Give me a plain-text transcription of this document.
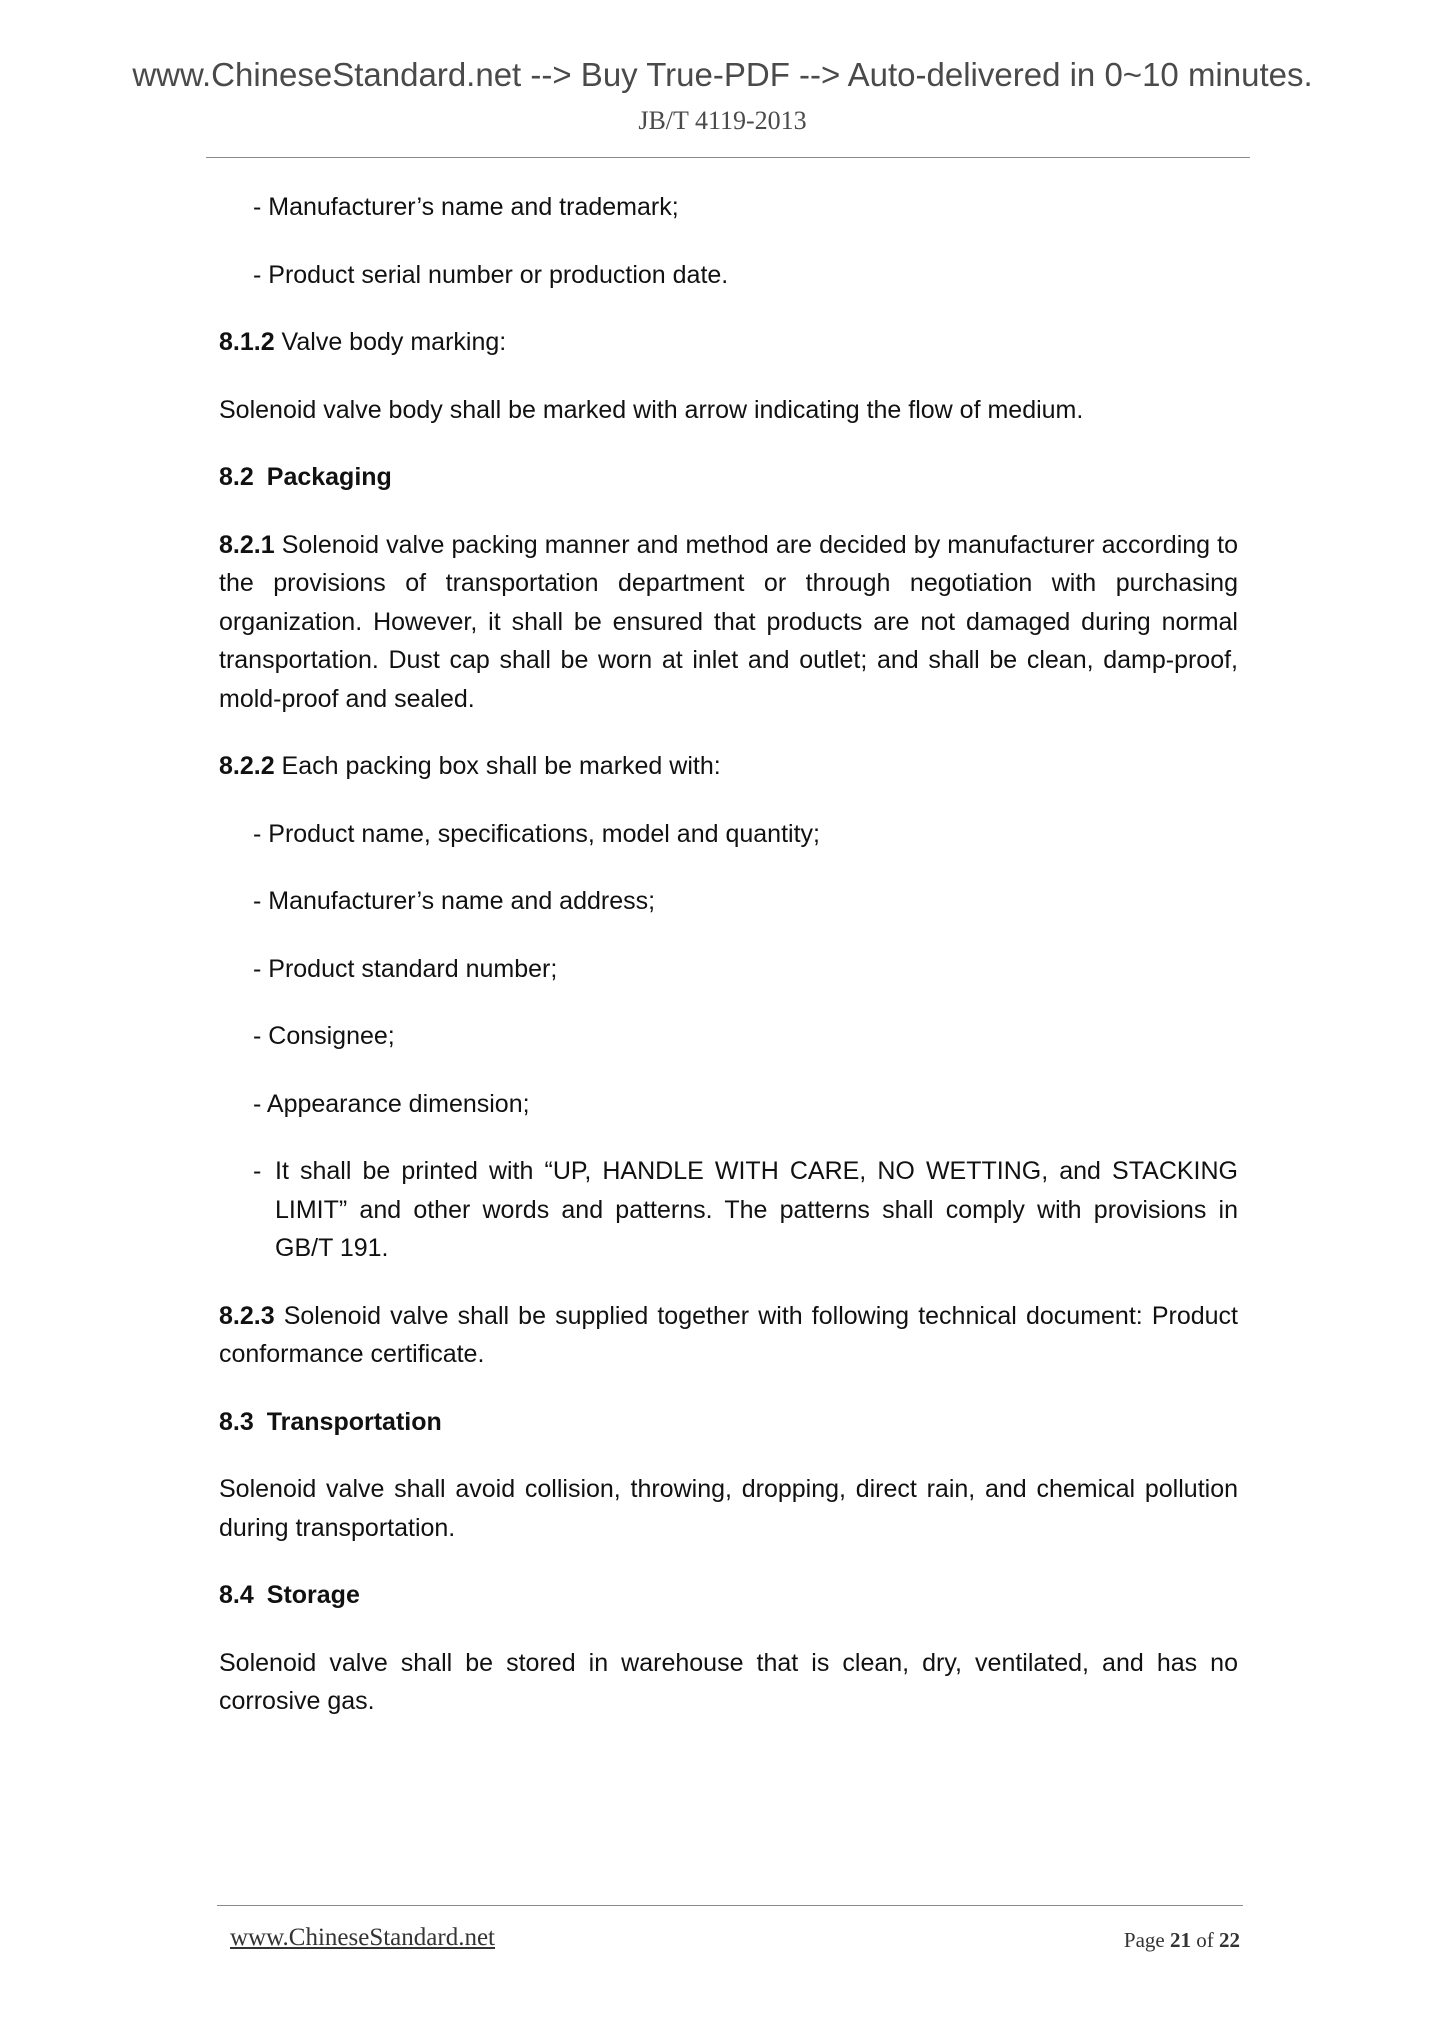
www.ChineseStandard.net --> Buy True-PDF --> Auto-delivered in 0~10 minutes.
JB/T 4119-2013

- Manufacturer’s name and trademark;

- Product serial number or production date.

8.1.2 Valve body marking:

Solenoid valve body shall be marked with arrow indicating the flow of medium.

8.2 Packaging

8.2.1 Solenoid valve packing manner and method are decided by manufacturer according to the provisions of transportation department or through negotiation with purchasing organization. However, it shall be ensured that products are not damaged during normal transportation. Dust cap shall be worn at inlet and outlet; and shall be clean, damp-proof, mold-proof and sealed.

8.2.2 Each packing box shall be marked with:

- Product name, specifications, model and quantity;

- Manufacturer’s name and address;

- Product standard number;

- Consignee;

- Appearance dimension;

- It shall be printed with “UP, HANDLE WITH CARE, NO WETTING, and STACKING LIMIT” and other words and patterns. The patterns shall comply with provisions in GB/T 191.

8.2.3 Solenoid valve shall be supplied together with following technical document: Product conformance certificate.

8.3 Transportation

Solenoid valve shall avoid collision, throwing, dropping, direct rain, and chemical pollution during transportation.

8.4 Storage

Solenoid valve shall be stored in warehouse that is clean, dry, ventilated, and has no corrosive gas.

www.ChineseStandard.net	Page 21 of 22
